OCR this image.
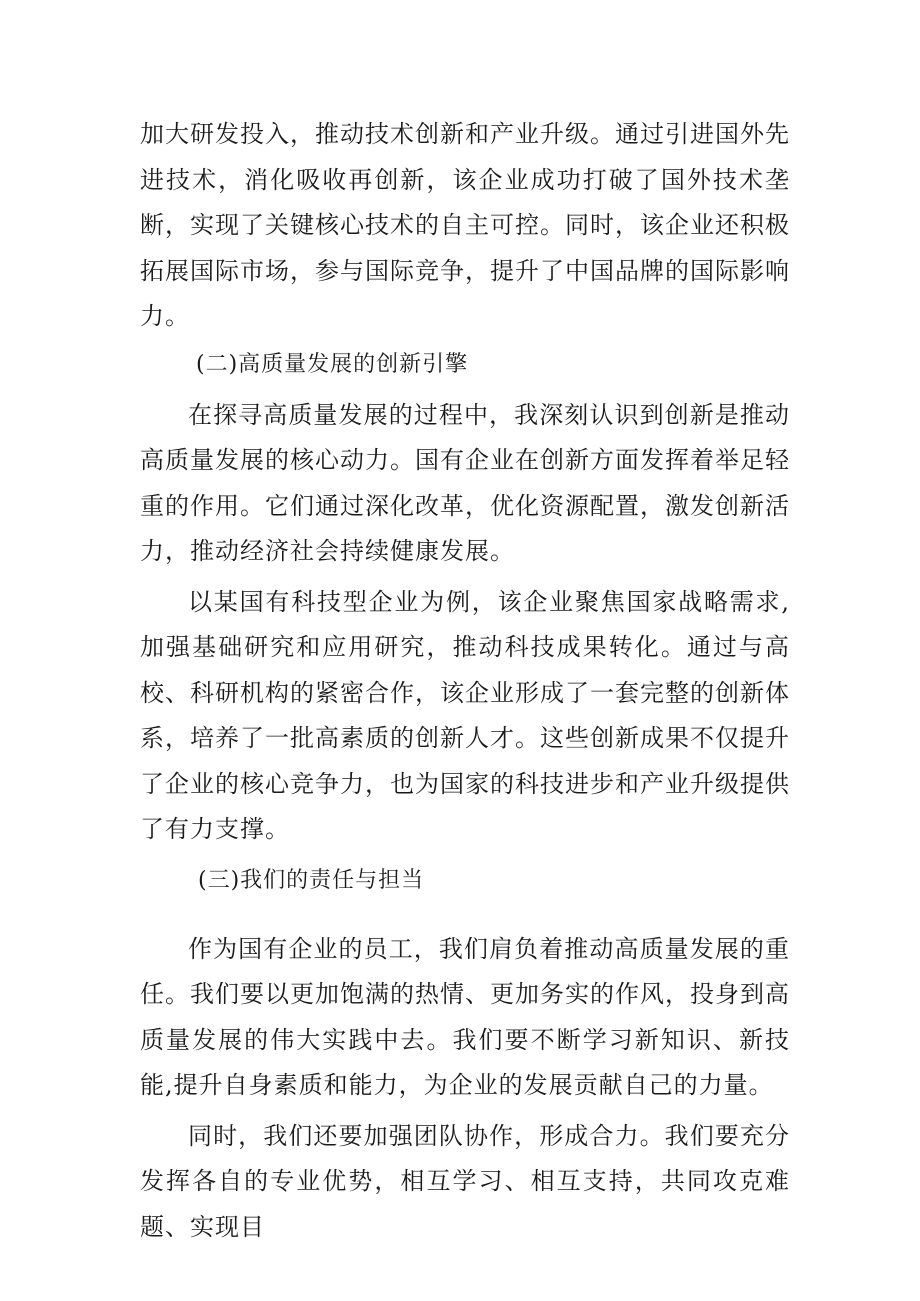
加大研发投入，推动技术创新和产业升级。通过引进国外先进技术，消化吸收再创新，该企业成功打破了国外技术垄断，实现了关键核心技术的自主可控。同时，该企业还积极拓展国际市场，参与国际竞争，提升了中国品牌的国际影响力。

(二)高质量发展的创新引擎

在探寻高质量发展的过程中，我深刻认识到创新是推动高质量发展的核心动力。国有企业在创新方面发挥着举足轻重的作用。它们通过深化改革，优化资源配置，激发创新活力，推动经济社会持续健康发展。

以某国有科技型企业为例，该企业聚焦国家战略需求,加强基础研究和应用研究，推动科技成果转化。通过与高校、科研机构的紧密合作，该企业形成了一套完整的创新体系，培养了一批高素质的创新人才。这些创新成果不仅提升了企业的核心竞争力，也为国家的科技进步和产业升级提供了有力支撑。

(三)我们的责任与担当

作为国有企业的员工，我们肩负着推动高质量发展的重任。我们要以更加饱满的热情、更加务实的作风，投身到高质量发展的伟大实践中去。我们要不断学习新知识、新技能,提升自身素质和能力，为企业的发展贡献自己的力量。

同时，我们还要加强团队协作，形成合力。我们要充分发挥各自的专业优势，相互学习、相互支持，共同攻克难题、实现目
